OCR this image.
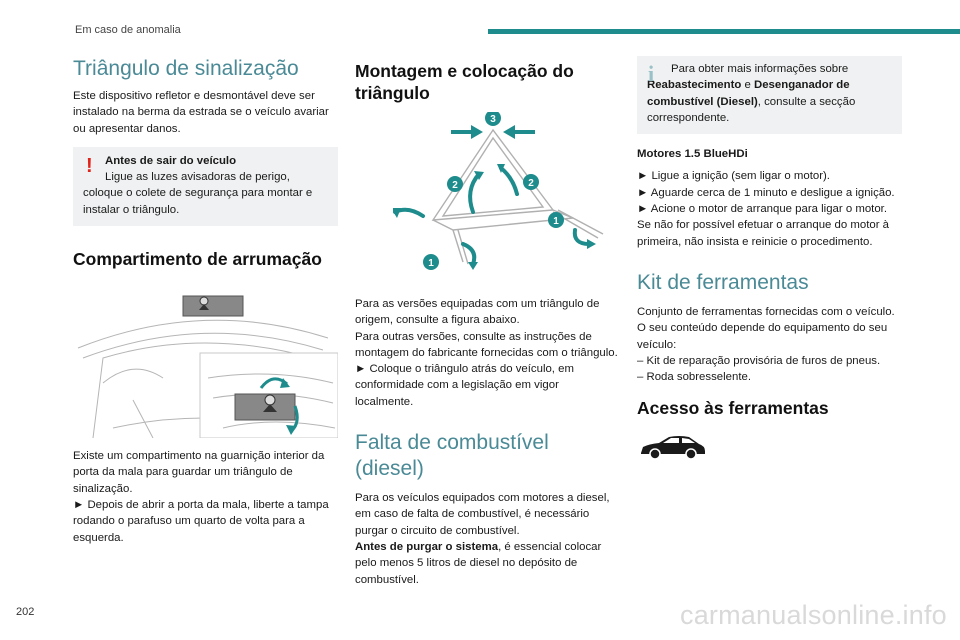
Em caso de anomalia
Triângulo de sinalização

Este dispositivo refletor e desmontável deve ser instalado na berma da estrada se o veículo avariar ou apresentar danos.

!	Antes de sair do veículo

Ligue as luzes avisadoras de perigo, coloque o colete de segurança para montar e instalar o triângulo.

Compartimento de arrumação

Existe um compartimento na guarnição interior da porta da mala para guardar um triângulo de sinalização.

► Depois de abrir a porta da mala, liberte a tampa rodando o parafuso um quarto de volta para a esquerda.

Montagem e colocação do triângulo
3
2	2
1
1

Para as versões equipadas com um triângulo de origem, consulte a figura abaixo.

Para outras versões, consulte as instruções de montagem do fabricante fornecidas com o triângulo.

► Coloque o triângulo atrás do veículo, em conformidade com a legislação em vigor localmente.

Falta de combustível (diesel)

Para os veículos equipados com motores a diesel, em caso de falta de combustível, é necessário purgar o circuito de combustível.

Antes de purgar o sistema, é essencial colocar pelo menos 5 litros de diesel no depósito de combustível.

i	Para obter mais informações sobre Reabastecimento e Desenganador de combustível (Diesel), consulte a secção correspondente.

Motores 1.5 BlueHDi

► Ligue a ignição (sem ligar o motor).

► Aguarde cerca de 1 minuto e desligue a ignição.

► Acione o motor de arranque para ligar o motor.

Se não for possível efetuar o arranque do motor à primeira, não insista e reinicie o procedimento.

Kit de ferramentas

Conjunto de ferramentas fornecidas com o veículo. O seu conteúdo depende do equipamento do seu veículo:

– Kit de reparação provisória de furos de pneus.

– Roda sobresselente.

Acesso às ferramentas
202	carmanualsonline.info
